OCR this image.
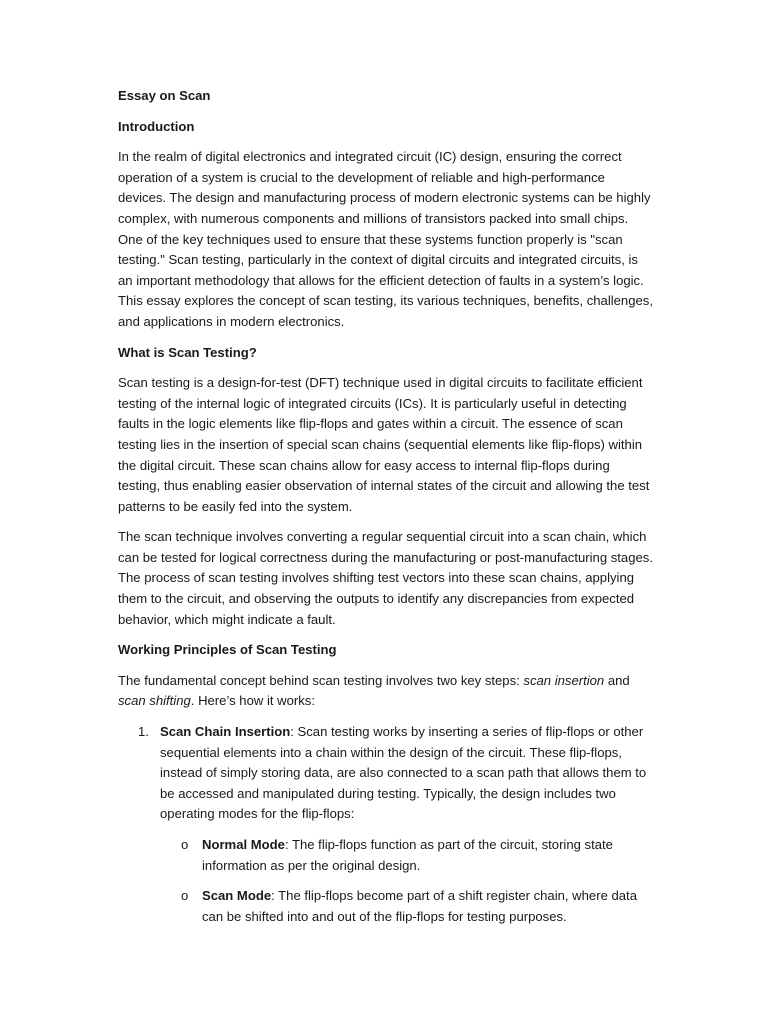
Essay on Scan
Introduction

In the realm of digital electronics and integrated circuit (IC) design, ensuring the correct operation of a system is crucial to the development of reliable and high-performance devices. The design and manufacturing process of modern electronic systems can be highly complex, with numerous components and millions of transistors packed into small chips. One of the key techniques used to ensure that these systems function properly is "scan testing." Scan testing, particularly in the context of digital circuits and integrated circuits, is an important methodology that allows for the efficient detection of faults in a system’s logic. This essay explores the concept of scan testing, its various techniques, benefits, challenges, and applications in modern electronics.

What is Scan Testing?

Scan testing is a design-for-test (DFT) technique used in digital circuits to facilitate efficient testing of the internal logic of integrated circuits (ICs). It is particularly useful in detecting faults in the logic elements like flip-flops and gates within a circuit. The essence of scan testing lies in the insertion of special scan chains (sequential elements like flip-flops) within the digital circuit. These scan chains allow for easy access to internal flip-flops during testing, thus enabling easier observation of internal states of the circuit and allowing the test patterns to be easily fed into the system.

The scan technique involves converting a regular sequential circuit into a scan chain, which can be tested for logical correctness during the manufacturing or post-manufacturing stages. The process of scan testing involves shifting test vectors into these scan chains, applying them to the circuit, and observing the outputs to identify any discrepancies from expected behavior, which might indicate a fault.

Working Principles of Scan Testing

The fundamental concept behind scan testing involves two key steps: scan insertion and scan shifting. Here’s how it works:

1. Scan Chain Insertion: Scan testing works by inserting a series of flip-flops or other sequential elements into a chain within the design of the circuit. These flip-flops, instead of simply storing data, are also connected to a scan path that allows them to be accessed and manipulated during testing. Typically, the design includes two operating modes for the flip-flops:
o Normal Mode: The flip-flops function as part of the circuit, storing state information as per the original design.
o Scan Mode: The flip-flops become part of a shift register chain, where data can be shifted into and out of the flip-flops for testing purposes.
